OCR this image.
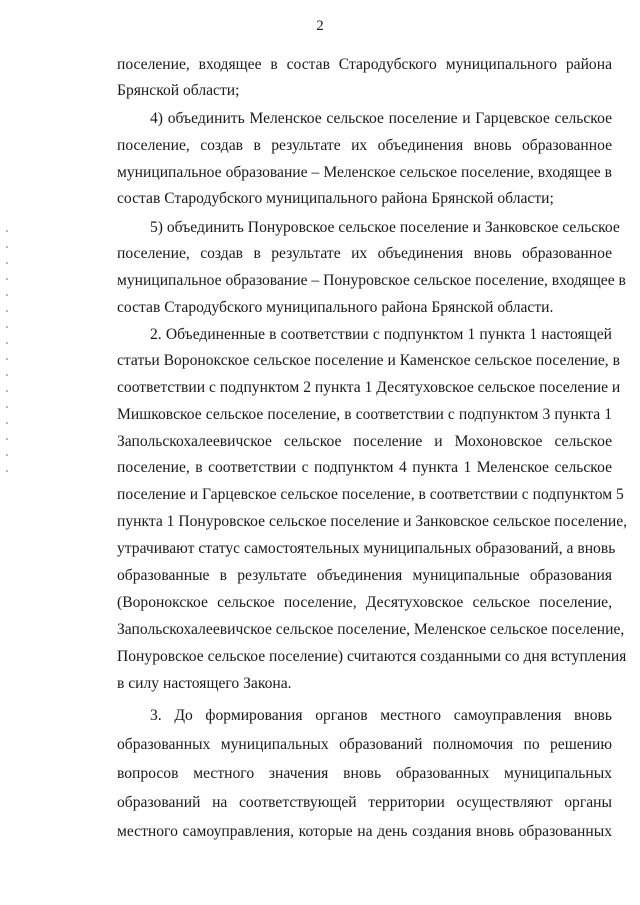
2
поселение, входящее в состав Стародубского муниципального района
Брянской области;
4) объединить Меленское сельское поселение и Гарцевское сельское
поселение, создав в результате их объединения вновь образованное
муниципальное образование – Меленское сельское поселение, входящее в
состав Стародубского муниципального района Брянской области;
5) объединить Понуровское сельское поселение и Занковское сельское
поселение, создав в результате их объединения вновь образованное
муниципальное образование – Понуровское сельское поселение, входящее в
состав Стародубского муниципального района Брянской области.
2. Объединенные в соответствии с подпунктом 1 пункта 1 настоящей
статьи Воронокское сельское поселение и Каменское сельское поселение, в
соответствии с подпунктом 2 пункта 1 Десятуховское сельское поселение и
Мишковское сельское поселение, в соответствии с подпунктом 3 пункта 1
Запольскохалеевичское сельское поселение и Мохоновское сельское
поселение, в соответствии с подпунктом 4 пункта 1 Меленское сельское
поселение и Гарцевское сельское поселение, в соответствии с подпунктом 5
пункта 1 Понуровское сельское поселение и Занковское сельское поселение,
утрачивают статус самостоятельных муниципальных образований, а вновь
образованные в результате объединения муниципальные образования
(Воронокское сельское поселение, Десятуховское сельское поселение,
Запольскохалеевичское сельское поселение, Меленское сельское поселение,
Понуровское сельское поселение) считаются созданными со дня вступления
в силу настоящего Закона.
3. До формирования органов местного самоуправления вновь
образованных муниципальных образований полномочия по решению
вопросов местного значения вновь образованных муниципальных
образований на соответствующей территории осуществляют органы
местного самоуправления, которые на день создания вновь образованных
